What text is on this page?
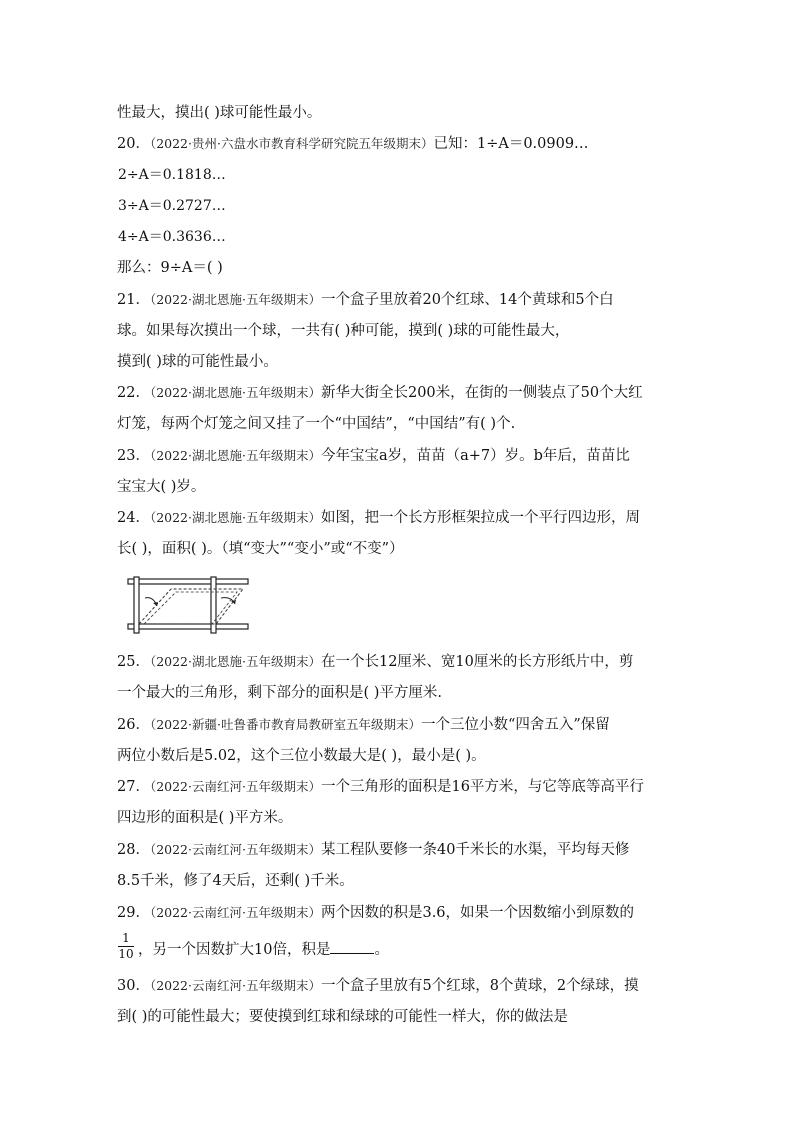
性最大，摸出( )球可能性最小。
20．（2022·贵州·六盘水市教育科学研究院五年级期末）已知：1÷A＝0.0909…
2÷A＝0.1818…
3÷A＝0.2727…
4÷A＝0.3636…
那么：9÷A＝( )
21．（2022·湖北恩施·五年级期末）一个盒子里放着20个红球、14个黄球和5个白
球。如果每次摸出一个球，一共有( )种可能，摸到( )球的可能性最大，
摸到( )球的可能性最小。
22．（2022·湖北恩施·五年级期末）新华大街全长200米，在街的一侧装点了50个大红
灯笼，每两个灯笼之间又挂了一个“中国结”，“中国结”有( )个.
23．（2022·湖北恩施·五年级期末）今年宝宝a岁，苗苗（a+7）岁。b年后，苗苗比
宝宝大( )岁。
24．（2022·湖北恩施·五年级期末）如图，把一个长方形框架拉成一个平行四边形，周
长( )，面积( )。（填“变大”“变小”或“不变”）
25．（2022·湖北恩施·五年级期末）在一个长12厘米、宽10厘米的长方形纸片中，剪
一个最大的三角形，剩下部分的面积是( )平方厘米.
26．（2022·新疆·吐鲁番市教育局教研室五年级期末）一个三位小数“四舍五入”保留
两位小数后是5.02，这个三位小数最大是( )，最小是( )。
27．（2022·云南红河·五年级期末）一个三角形的面积是16平方米，与它等底等高平行
四边形的面积是( )平方米。
28．（2022·云南红河·五年级期末）某工程队要修一条40千米长的水渠，平均每天修
8.5千米，修了4天后，还剩( )千米。
29．（2022·云南红河·五年级期末）两个因数的积是3.6，如果一个因数缩小到原数的
1
10 ，另一个因数扩大10倍，积是	。
30．（2022·云南红河·五年级期末）一个盒子里放有5个红球，8个黄球，2个绿球，摸
到( )的可能性最大；要使摸到红球和绿球的可能性一样大，你的做法是
